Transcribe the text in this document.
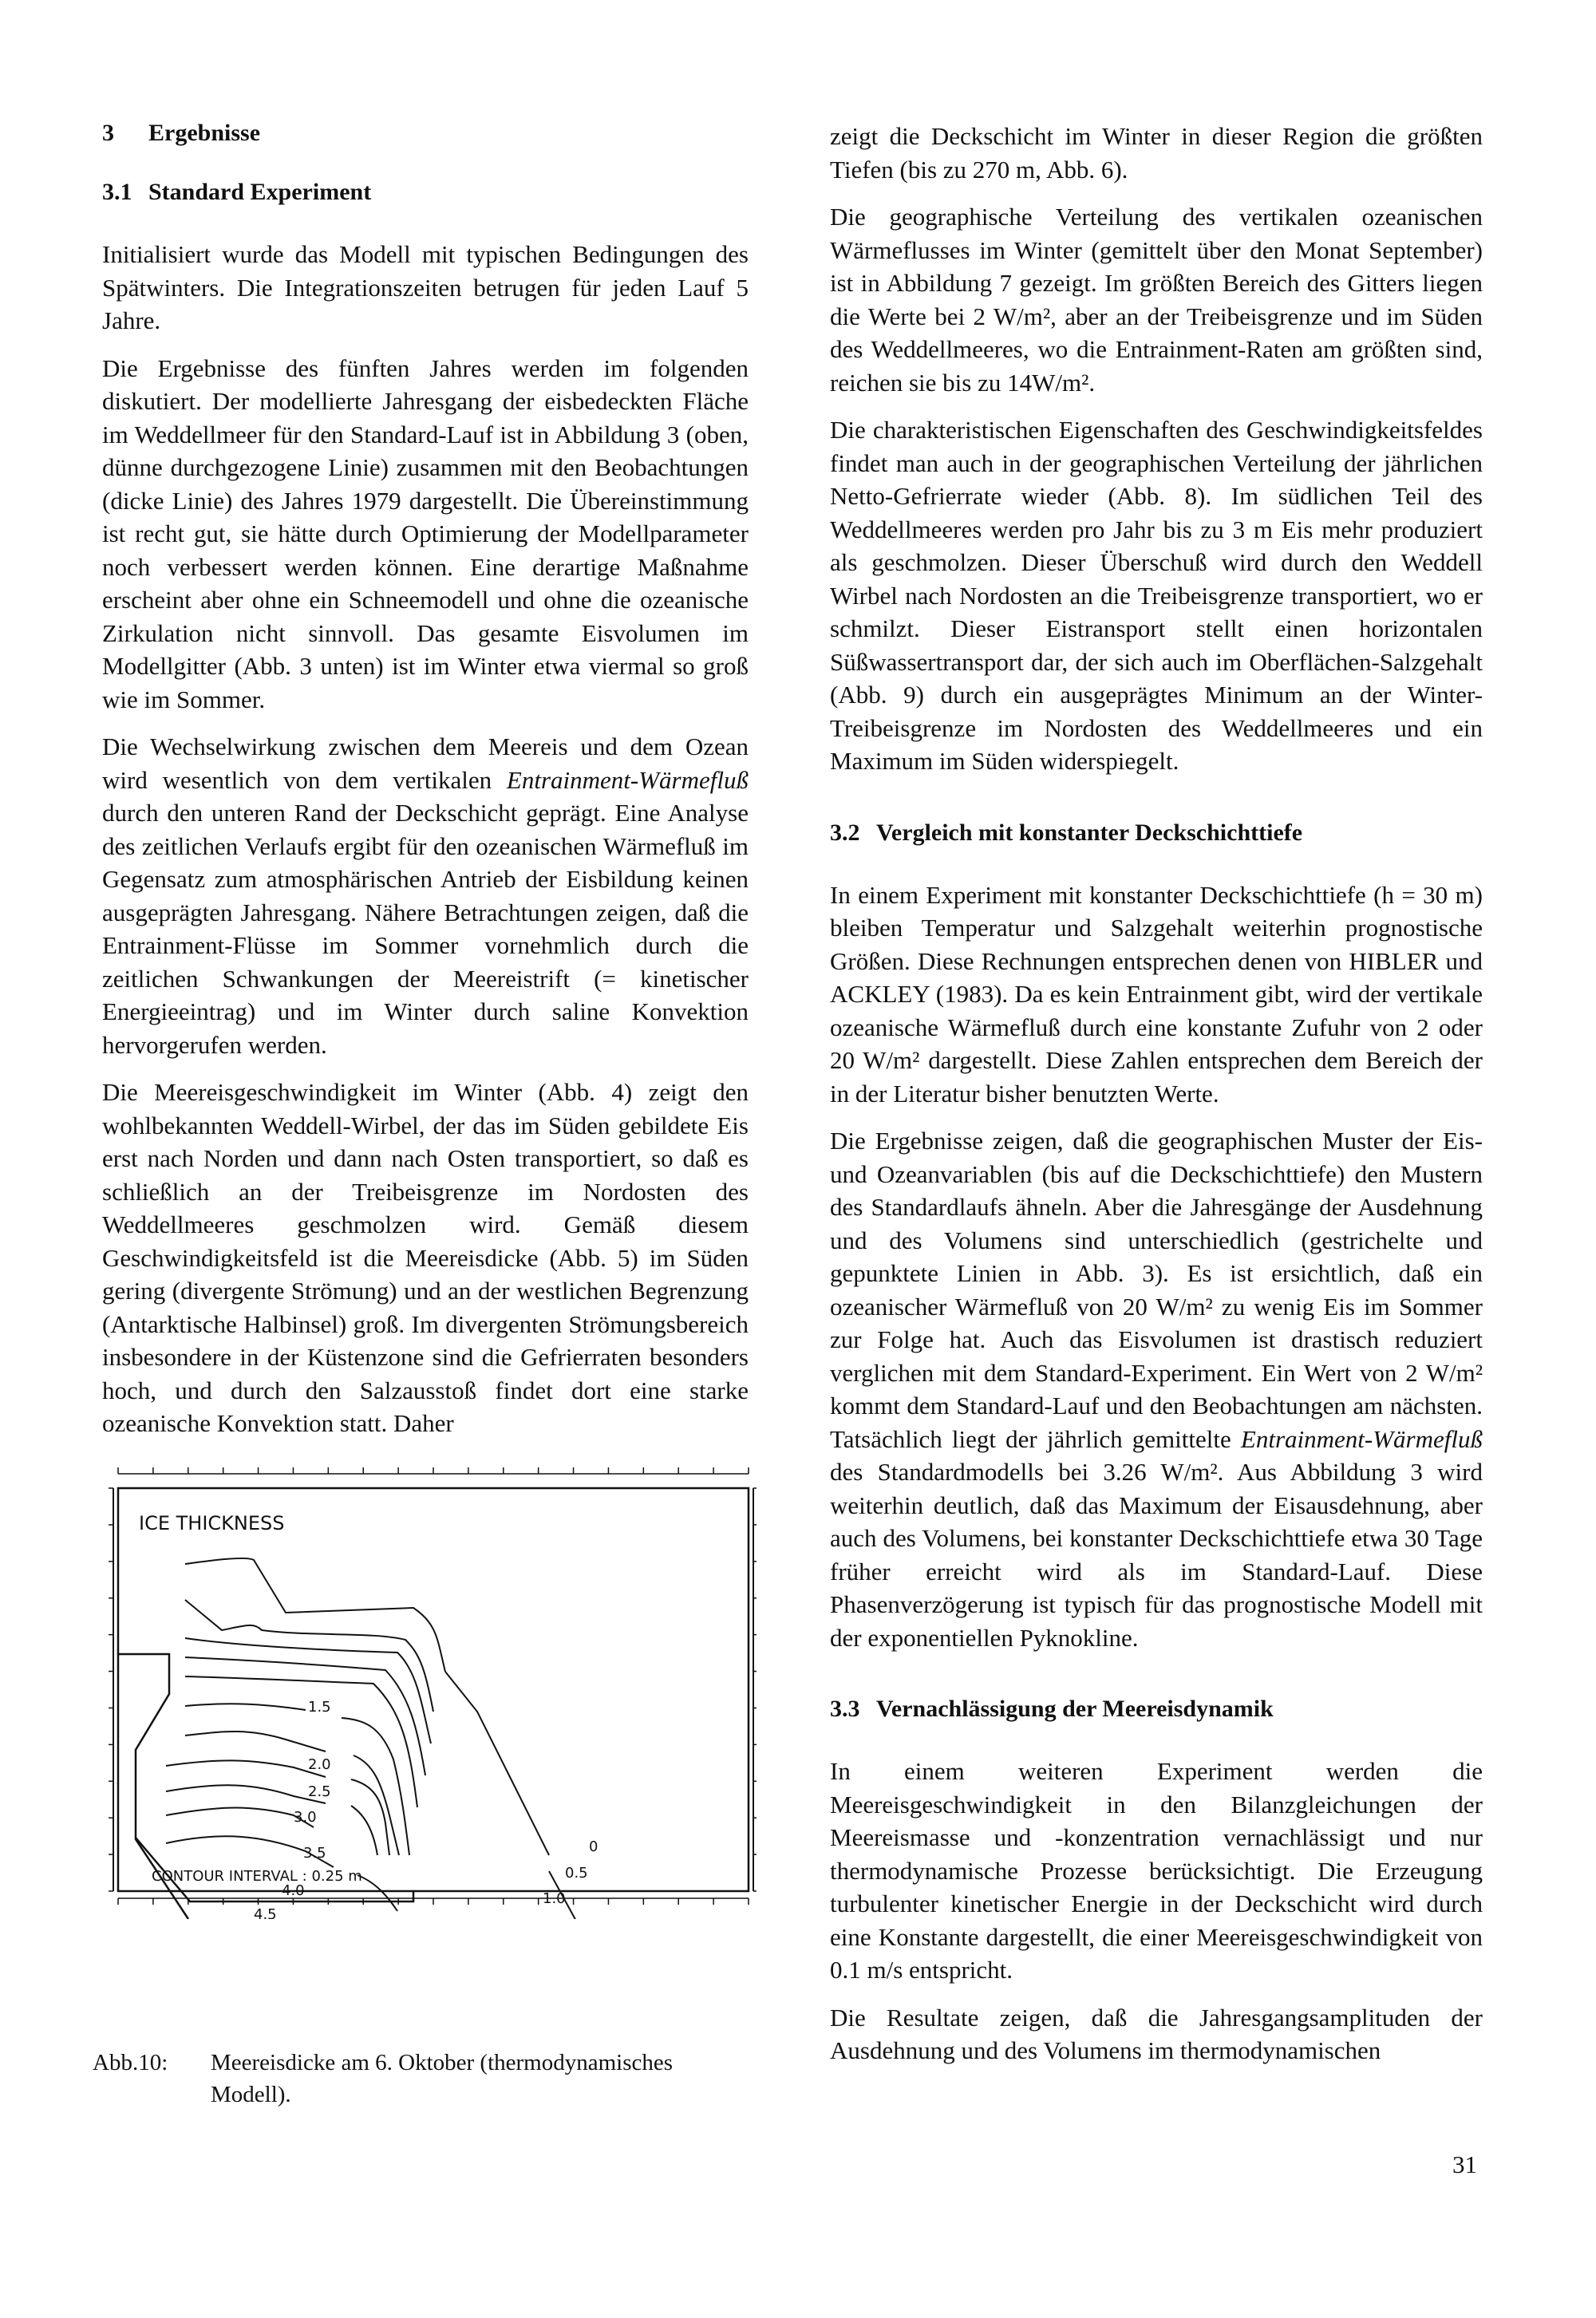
3 Ergebnisse
3.1 Standard Experiment

Initialisiert wurde das Modell mit typischen Bedingungen des Spätwinters. Die Integrationszeiten betrugen für jeden Lauf 5 Jahre.

Die Ergebnisse des fünften Jahres werden im folgenden diskutiert. Der modellierte Jahresgang der eisbedeckten Fläche im Weddellmeer für den Standard-Lauf ist in Abbildung 3 (oben, dünne durchgezogene Linie) zusammen mit den Beobachtungen (dicke Linie) des Jahres 1979 dargestellt. Die Übereinstimmung ist recht gut, sie hätte durch Optimierung der Modellparameter noch verbessert werden können. Eine derartige Maßnahme erscheint aber ohne ein Schneemodell und ohne die ozeanische Zirkulation nicht sinnvoll. Das gesamte Eisvolumen im Modellgitter (Abb. 3 unten) ist im Winter etwa viermal so groß wie im Sommer.

Die Wechselwirkung zwischen dem Meereis und dem Ozean wird wesentlich von dem vertikalen Entrainment-Wärmefluß durch den unteren Rand der Deckschicht geprägt. Eine Analyse des zeitlichen Verlaufs ergibt für den ozeanischen Wärmefluß im Gegensatz zum atmosphärischen Antrieb der Eisbildung keinen ausgeprägten Jahresgang. Nähere Betrachtungen zeigen, daß die Entrainment-Flüsse im Sommer vornehmlich durch die zeitlichen Schwankungen der Meereistrift (= kinetischer Energieeintrag) und im Winter durch saline Konvektion hervorgerufen werden.

Die Meereisgeschwindigkeit im Winter (Abb. 4) zeigt den wohlbekannten Weddell-Wirbel, der das im Süden gebildete Eis erst nach Norden und dann nach Osten transportiert, so daß es schließlich an der Treibeisgrenze im Nordosten des Weddellmeeres geschmolzen wird. Gemäß diesem Geschwindigkeitsfeld ist die Meereisdicke (Abb. 5) im Süden gering (divergente Strömung) und an der westlichen Begrenzung (Antarktische Halbinsel) groß. Im divergenten Strömungsbereich insbesondere in der Küstenzone sind die Gefrierraten besonders hoch, und durch den Salzausstoß findet dort eine starke ozeanische Konvektion statt. Daher

ICE THICKNESS
CONTOUR INTERVAL : 0.25 m
1.5
2.0
2.5
3.0
3.5
4.0
4.5
0
0.5
1.0
Abb.10: Meereisdicke am 6. Oktober (thermodynamisches Modell).

zeigt die Deckschicht im Winter in dieser Region die größten Tiefen (bis zu 270 m, Abb. 6).

Die geographische Verteilung des vertikalen ozeanischen Wärmeflusses im Winter (gemittelt über den Monat September) ist in Abbildung 7 gezeigt. Im größten Bereich des Gitters liegen die Werte bei 2 W/m², aber an der Treibeisgrenze und im Süden des Weddellmeeres, wo die Entrainment-Raten am größten sind, reichen sie bis zu 14W/m².

Die charakteristischen Eigenschaften des Geschwindigkeitsfeldes findet man auch in der geographischen Verteilung der jährlichen Netto-Gefrierrate wieder (Abb. 8). Im südlichen Teil des Weddellmeeres werden pro Jahr bis zu 3 m Eis mehr produziert als geschmolzen. Dieser Überschuß wird durch den Weddell Wirbel nach Nordosten an die Treibeisgrenze transportiert, wo er schmilzt. Dieser Eistransport stellt einen horizontalen Süßwassertransport dar, der sich auch im Oberflächen-Salzgehalt (Abb. 9) durch ein ausgeprägtes Minimum an der Winter-Treibeisgrenze im Nordosten des Weddellmeeres und ein Maximum im Süden widerspiegelt.

3.2 Vergleich mit konstanter Deckschichttiefe

In einem Experiment mit konstanter Deckschichttiefe (h = 30 m) bleiben Temperatur und Salzgehalt weiterhin prognostische Größen. Diese Rechnungen entsprechen denen von HIBLER und ACKLEY (1983). Da es kein Entrainment gibt, wird der vertikale ozeanische Wärmefluß durch eine konstante Zufuhr von 2 oder 20 W/m² dargestellt. Diese Zahlen entsprechen dem Bereich der in der Literatur bisher benutzten Werte.

Die Ergebnisse zeigen, daß die geographischen Muster der Eis- und Ozeanvariablen (bis auf die Deckschichttiefe) den Mustern des Standardlaufs ähneln. Aber die Jahresgänge der Ausdehnung und des Volumens sind unterschiedlich (gestrichelte und gepunktete Linien in Abb. 3). Es ist ersichtlich, daß ein ozeanischer Wärmefluß von 20 W/m² zu wenig Eis im Sommer zur Folge hat. Auch das Eisvolumen ist drastisch reduziert verglichen mit dem Standard-Experiment. Ein Wert von 2 W/m² kommt dem Standard-Lauf und den Beobachtungen am nächsten. Tatsächlich liegt der jährlich gemittelte Entrainment-Wärmefluß des Standardmodells bei 3.26 W/m². Aus Abbildung 3 wird weiterhin deutlich, daß das Maximum der Eisausdehnung, aber auch des Volumens, bei konstanter Deckschichttiefe etwa 30 Tage früher erreicht wird als im Standard-Lauf. Diese Phasenverzögerung ist typisch für das prognostische Modell mit der exponentiellen Pyknokline.

3.3 Vernachlässigung der Meereisdynamik

In einem weiteren Experiment werden die Meereisgeschwindigkeit in den Bilanzgleichungen der Meereismasse und -konzentration vernachlässigt und nur thermodynamische Prozesse berücksichtigt. Die Erzeugung turbulenter kinetischer Energie in der Deckschicht wird durch eine Konstante dargestellt, die einer Meereisgeschwindigkeit von 0.1 m/s entspricht.

Die Resultate zeigen, daß die Jahresgangsamplituden der Ausdehnung und des Volumens im thermodynamischen

31
